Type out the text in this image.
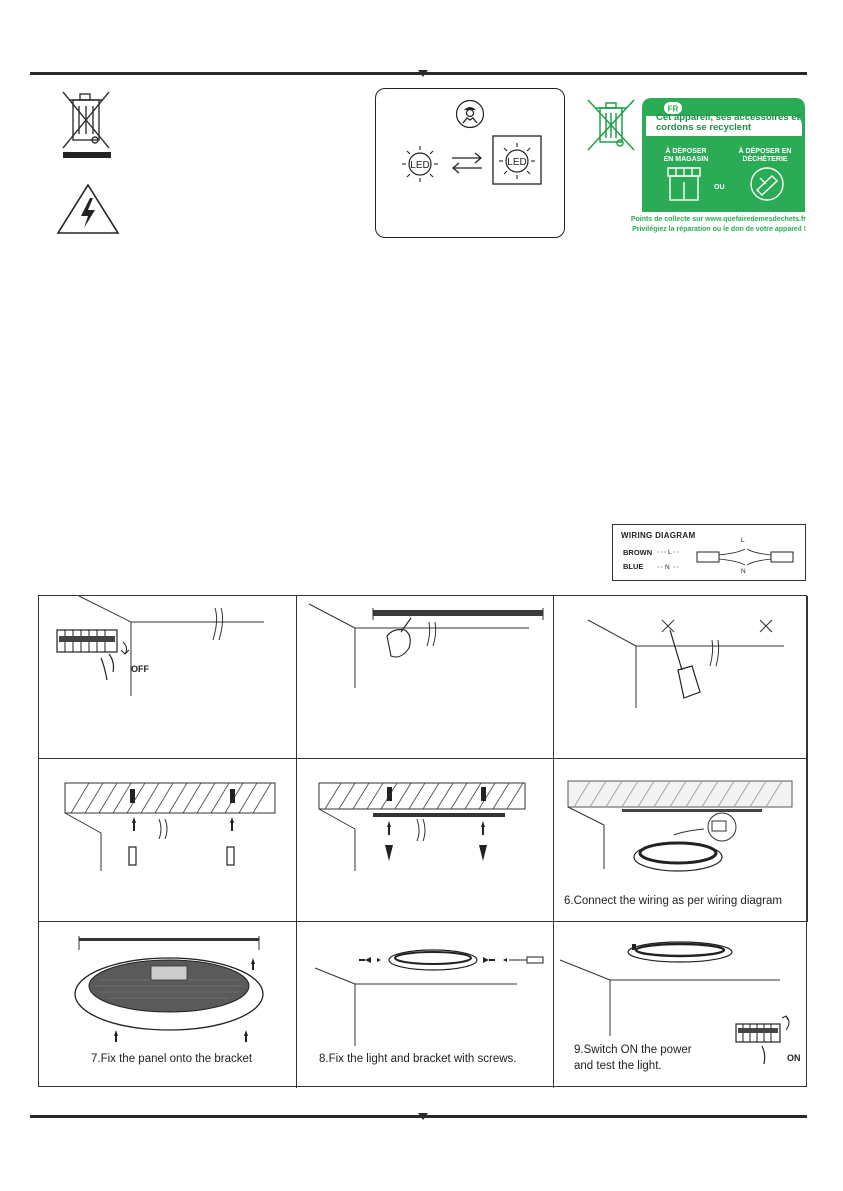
LED	LED
FR
Cet appareil, ses accessoires et cordons se recyclent
À DÉPOSER EN MAGASIN
OU
À DÉPOSER EN DÉCHÈTERIE
Points de collecte sur www.quefairedemesdechets.fr
Privilégiez la réparation ou le don de votre appareil !
WIRING DIAGRAM
BROWN
BLUE
L
N
L
N
OFF
6.Connect the wiring as per wiring diagram
7.Fix the panel onto the bracket	8.Fix the light and bracket with screws.	ON
9.Switch ON the power
and test the light.
